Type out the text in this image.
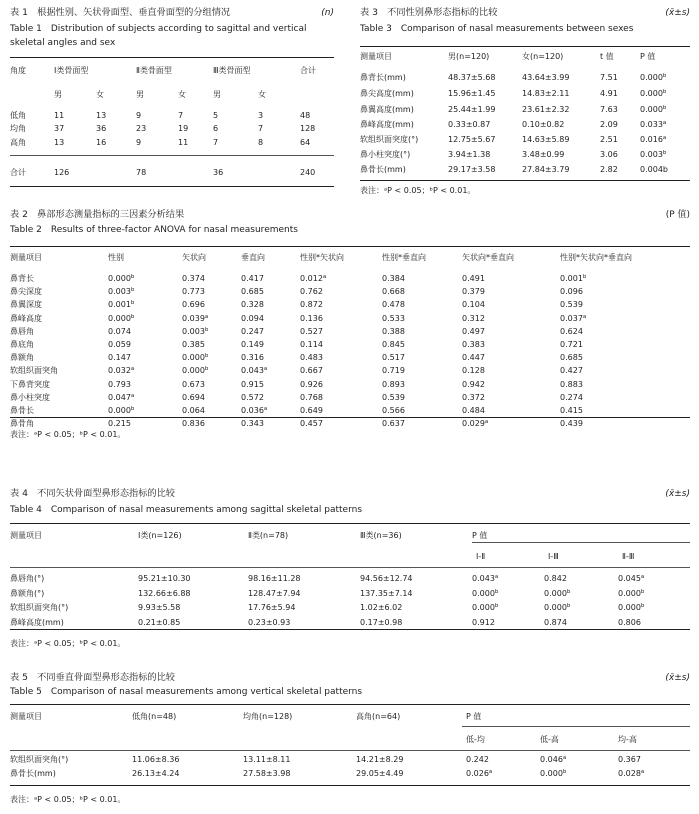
表 1　根据性别、矢状骨面型、垂直骨面型的分组情况	(n)
Table 1　Distribution of subjects according to sagittal and vertical
skeletal angles and sex
角度	Ⅰ类骨面型	Ⅱ类骨面型	Ⅲ类骨面型	合计
男	女	男	女	男	女
低角	11	13	9	7	5	3	48
均角	37	36	23	19	6	7	128
高角	13	16	9	11	7	8	64
合计	126	78	36	240
表 3　不同性别鼻形态指标的比较	(x̄±s)
Table 3　Comparison of nasal measurements between sexes
测量项目	男(n=120)	女(n=120)	t 值	P 值
鼻背长(mm)	48.37±5.68	43.64±3.99	7.51	0.000$^b$
鼻尖高度(mm)	15.96±1.45	14.83±2.11	4.91	0.000$^b$
鼻翼高度(mm)	25.44±1.99	23.61±2.32	7.63	0.000$^b$
鼻峰高度(mm)	0.33±0.87	0.10±0.82	2.09	0.033$^a$
软组织面突度(°)	12.75±5.67	14.63±5.89	2.51	0.016$^a$
鼻小柱突度(°)	3.94±1.38	3.48±0.99	3.06	0.003$^b$
鼻骨长(mm)	29.17±3.58	27.84±3.79	2.82	0.004b
表注：ᵃP < 0.05；ᵇP < 0.01。
表 2　鼻部形态测量指标的三因素分析结果	(P 值)
Table 2　Results of three-factor ANOVA for nasal measurements
测量项目	性别	矢状向	垂直向	性别*矢状向	性别*垂直向	矢状向*垂直向	性别*矢状向*垂直向
鼻背长	0.000$^b$	0.374	0.417	0.012$^a$	0.384	0.491	0.001$^b$
鼻尖深度	0.003$^b$	0.773	0.685	0.762	0.668	0.379	0.096
鼻翼深度	0.001$^b$	0.696	0.328	0.872	0.478	0.104	0.539
鼻峰高度	0.000$^b$	0.039$^a$	0.094	0.136	0.533	0.312	0.037$^a$
鼻唇角	0.074	0.003$^b$	0.247	0.527	0.388	0.497	0.624
鼻底角	0.059	0.385	0.149	0.114	0.845	0.383	0.721
鼻额角	0.147	0.000$^b$	0.316	0.483	0.517	0.447	0.685
软组织面突角	0.032$^a$	0.000$^b$	0.043$^a$	0.667	0.719	0.128	0.427
下鼻背突度	0.793	0.673	0.915	0.926	0.893	0.942	0.883
鼻小柱突度	0.047$^a$	0.694	0.572	0.768	0.539	0.372	0.274
鼻骨长	0.000$^b$	0.064	0.036$^a$	0.649	0.566	0.484	0.415
鼻骨角	0.215	0.836	0.343	0.457	0.637	0.029$^a$	0.439
表注：ᵃP < 0.05；ᵇP < 0.01。
表 4　不同矢状骨面型鼻形态指标的比较	(x̄±s)
Table 4　Comparison of nasal measurements among sagittal skeletal patterns
测量项目	Ⅰ类(n=126)	Ⅱ类(n=78)	Ⅲ类(n=36)	P 值
Ⅰ-Ⅱ	Ⅰ-Ⅲ	Ⅱ-Ⅲ
鼻唇角(°)	95.21±10.30	98.16±11.28	94.56±12.74	0.043$^a$	0.842	0.045$^a$
鼻额角(°)	132.66±6.88	128.47±7.94	137.35±7.14	0.000$^b$	0.000$^b$	0.000$^b$
软组织面突角(°)	9.93±5.58	17.76±5.94	1.02±6.02	0.000$^b$	0.000$^b$	0.000$^b$
鼻峰高度(mm)	0.21±0.85	0.23±0.93	0.17±0.98	0.912	0.874	0.806
表注：ᵃP < 0.05；ᵇP < 0.01。
表 5　不同垂直骨面型鼻形态指标的比较	(x̄±s)
Table 5　Comparison of nasal measurements among vertical skeletal patterns
测量项目	低角(n=48)	均角(n=128)	高角(n=64)	P 值
低-均	低-高	均-高
软组织面突角(°)	11.06±8.36	13.11±8.11	14.21±8.29	0.242	0.046$^a$	0.367
鼻骨长(mm)	26.13±4.24	27.58±3.98	29.05±4.49	0.026$^a$	0.000$^b$	0.028$^a$
表注：ᵃP < 0.05；ᵇP < 0.01。
